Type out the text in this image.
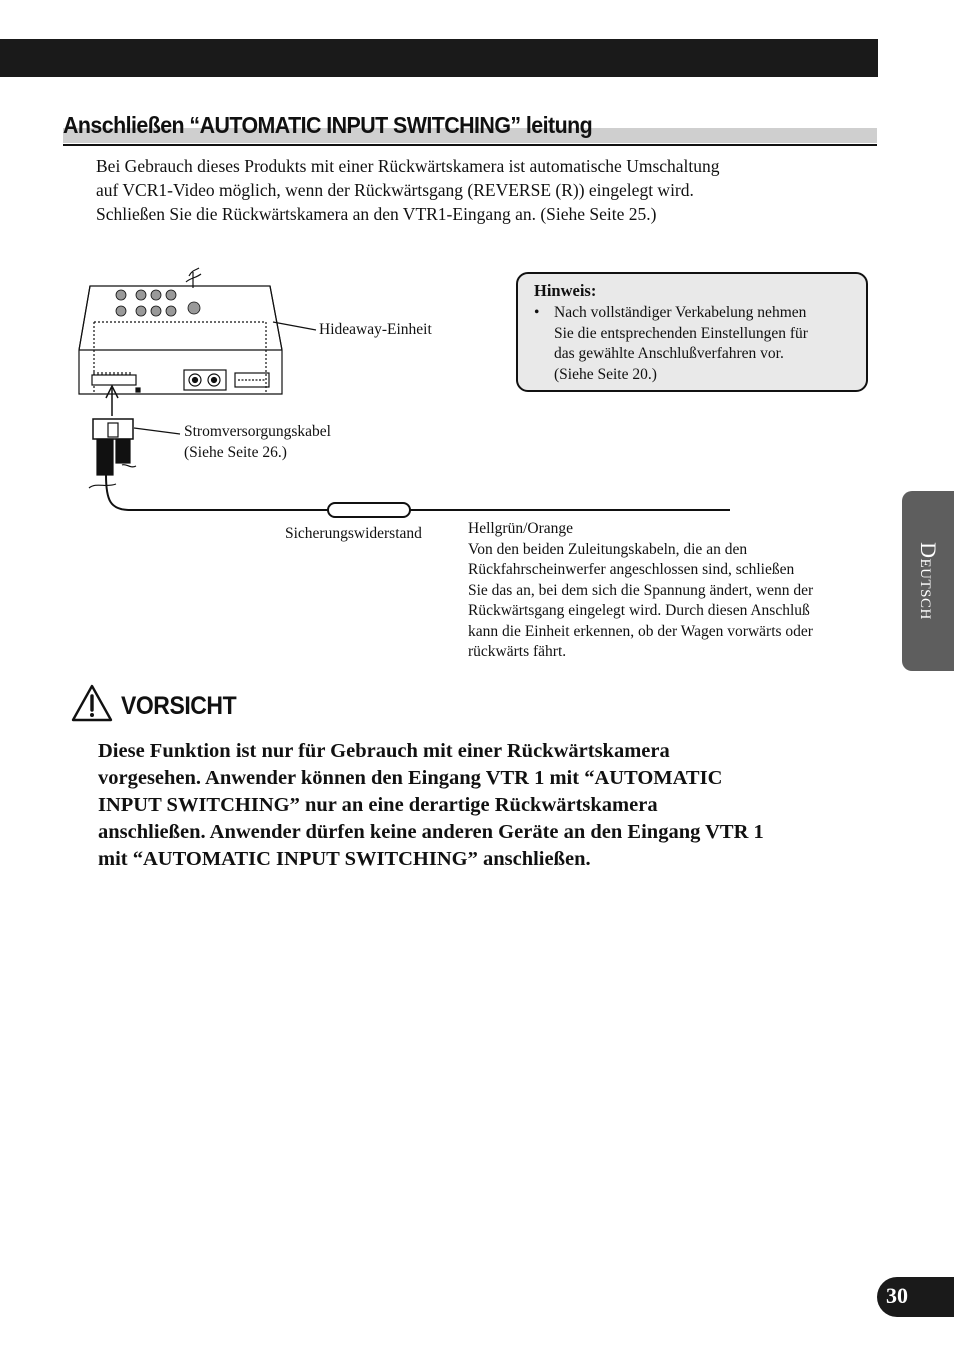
Anschließen “AUTOMATIC INPUT SWITCHING” leitung
Bei Gebrauch dieses Produkts mit einer Rückwärtskamera ist automatische Umschaltung
auf VCR1-Video möglich, wenn der Rückwärtsgang (REVERSE (R)) eingelegt wird.
Schließen Sie die Rückwärtskamera an den VTR1-Eingang an. (Siehe Seite 25.)

Hinweis:

• Nach vollständiger Verkabelung nehmen
Sie die entsprechenden Einstellungen für
das gewählte Anschlußverfahren vor.
(Siehe Seite 20.)
Hideaway-Einheit
Stromversorgungskabel
(Siehe Seite 26.)
Sicherungswiderstand	Hellgrün/Orange
Von den beiden Zuleitungskabeln, die an den
Rückfahrscheinwerfer angeschlossen sind, schließen
Sie das an, bei dem sich die Spannung ändert, wenn der
Rückwärtsgang eingelegt wird. Durch diesen Anschluß
kann die Einheit erkennen, ob der Wagen vorwärts oder
rückwärts fährt.
VORSICHT
Diese Funktion ist nur für Gebrauch mit einer Rückwärtskamera
vorgesehen. Anwender können den Eingang VTR 1 mit “AUTOMATIC
INPUT SWITCHING” nur an eine derartige Rückwärtskamera
anschließen. Anwender dürfen keine anderen Geräte an den Eingang VTR 1
mit “AUTOMATIC INPUT SWITCHING” anschließen.
Deutsch
30
